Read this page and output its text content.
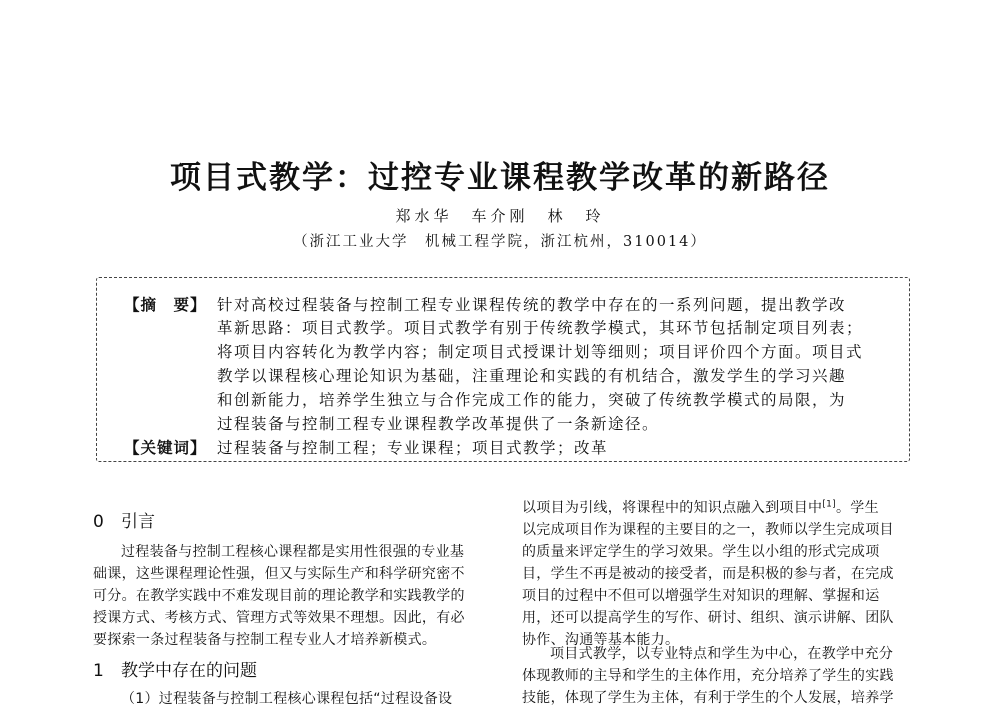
项目式教学：过控专业课程教学改革的新路径
郑水华　车介刚　林　玲
（浙江工业大学　机械工程学院，浙江杭州，310014）
【摘　要】 针对高校过程装备与控制工程专业课程传统的教学中存在的一系列问题，提出教学改
革新思路：项目式教学。项目式教学有别于传统教学模式，其环节包括制定项目列表；
将项目内容转化为教学内容；制定项目式授课计划等细则；项目评价四个方面。项目式
教学以课程核心理论知识为基础，注重理论和实践的有机结合，激发学生的学习兴趣
和创新能力，培养学生独立与合作完成工作的能力，突破了传统教学模式的局限，为
过程装备与控制工程专业课程教学改革提供了一条新途径。
【关键词】 过程装备与控制工程；专业课程；项目式教学；改革
0 引言
过程装备与控制工程核心课程都是实用性很强的专业基
础课，这些课程理论性强，但又与实际生产和科学研究密不
可分。在教学实践中不难发现目前的理论教学和实践教学的
授课方式、考核方式、管理方式等效果不理想。因此，有必
要探索一条过程装备与控制工程专业人才培养新模式。
1 教学中存在的问题
（1）过程装备与控制工程核心课程包括“过程设备设
以项目为引线，将课程中的知识点融入到项目中[1]。学生
以完成项目作为课程的主要目的之一，教师以学生完成项目
的质量来评定学生的学习效果。学生以小组的形式完成项
目，学生不再是被动的接受者，而是积极的参与者，在完成
项目的过程中不但可以增强学生对知识的理解、掌握和运
用，还可以提高学生的写作、研讨、组织、演示讲解、团队
协作、沟通等基本能力。
项目式教学，以专业特点和学生为中心，在教学中充分
体现教师的主导和学生的主体作用，充分培养了学生的实践
技能，体现了学生为主体，有利于学生的个人发展，培养学
